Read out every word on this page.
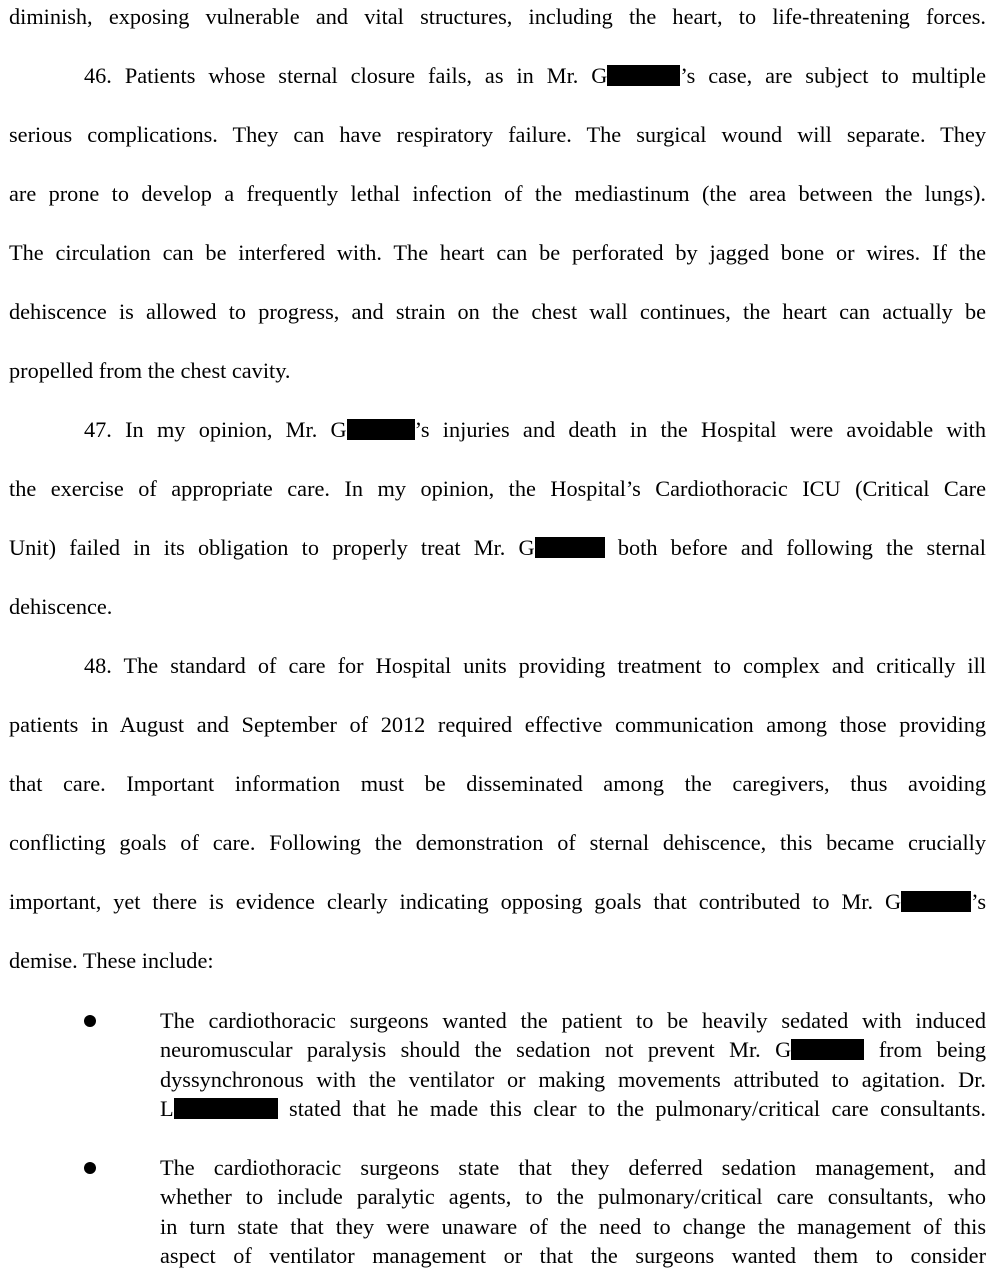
diminish, exposing vulnerable and vital structures, including the heart, to life-threatening forces.
46. Patients whose sternal closure fails, as in Mr. G	’s case, are subject to multiple
serious complications. They can have respiratory failure. The surgical wound will separate. They
are prone to develop a frequently lethal infection of the mediastinum (the area between the lungs).
The circulation can be interfered with. The heart can be perforated by jagged bone or wires. If the
dehiscence is allowed to progress, and strain on the chest wall continues, the heart can actually be
propelled from the chest cavity.
47. In my opinion, Mr. G	’s injuries and death in the Hospital were avoidable with
the exercise of appropriate care. In my opinion, the Hospital’s Cardiothoracic ICU (Critical Care
Unit) failed in its obligation to properly treat Mr. G	both before and following the sternal
dehiscence.
48. The standard of care for Hospital units providing treatment to complex and critically ill
patients in August and September of 2012 required effective communication among those providing
that care. Important information must be disseminated among the caregivers, thus avoiding
conflicting goals of care. Following the demonstration of sternal dehiscence, this became crucially
important, yet there is evidence clearly indicating opposing goals that contributed to Mr. G	’s
demise. These include:
The cardiothoracic surgeons wanted the patient to be heavily sedated with induced
neuromuscular paralysis should the sedation not prevent Mr. G	from being
dyssynchronous with the ventilator or making movements attributed to agitation. Dr.
L	stated that he made this clear to the pulmonary/critical care consultants.
The cardiothoracic surgeons state that they deferred sedation management, and
whether to include paralytic agents, to the pulmonary/critical care consultants, who
in turn state that they were unaware of the need to change the management of this
aspect of ventilator management or that the surgeons wanted them to consider
